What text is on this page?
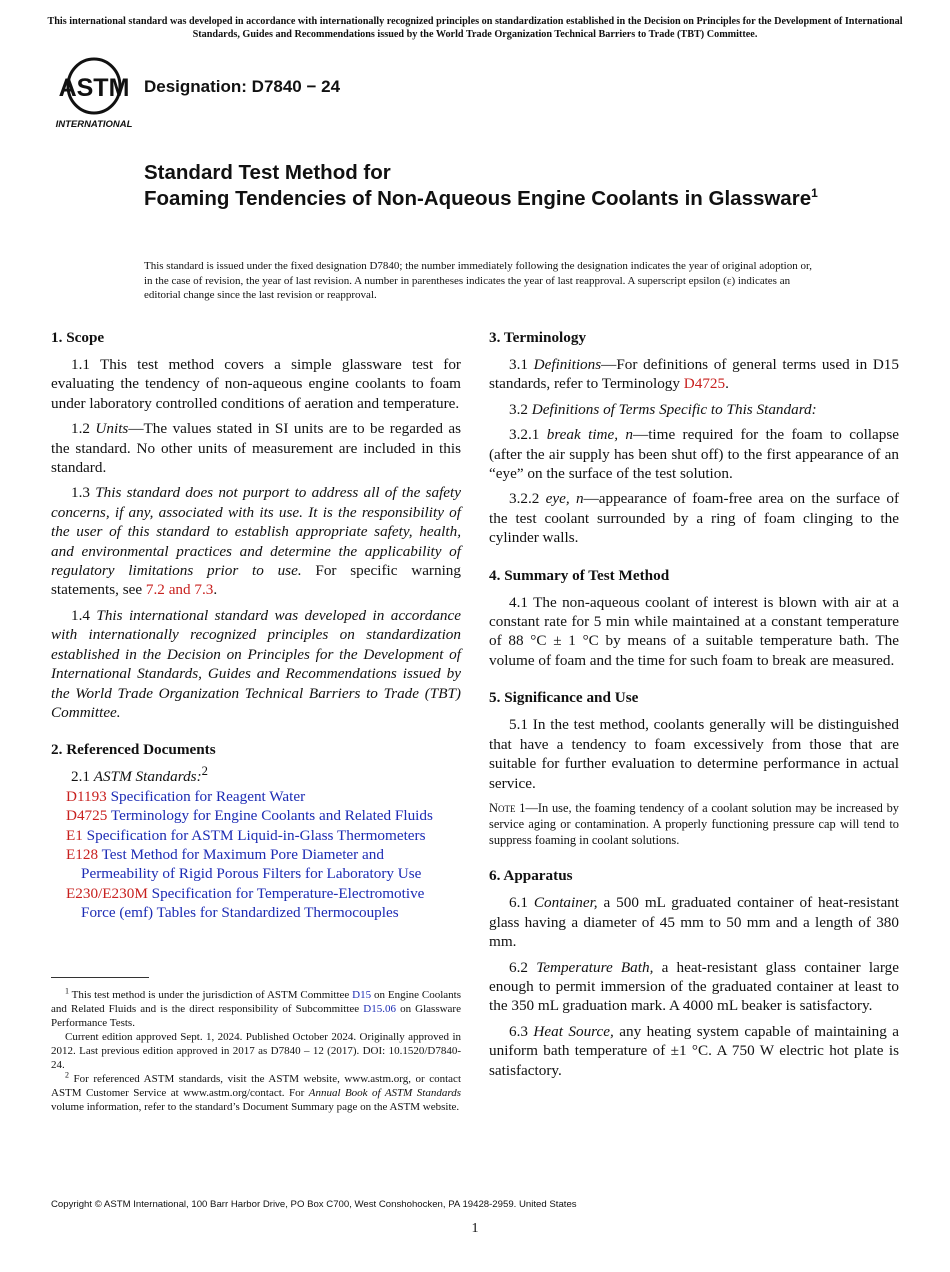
This international standard was developed in accordance with internationally recognized principles on standardization established in the Decision on Principles for the Development of International Standards, Guides and Recommendations issued by the World Trade Organization Technical Barriers to Trade (TBT) Committee.
ASTM
INTERNATIONAL
Designation: D7840 − 24
Standard Test Method for
Foaming Tendencies of Non-Aqueous Engine Coolants in Glassware$^1$
This standard is issued under the fixed designation D7840; the number immediately following the designation indicates the year of original adoption or, in the case of revision, the year of last revision. A number in parentheses indicates the year of last reapproval. A superscript epsilon (ε) indicates an editorial change since the last revision or reapproval.
1. Scope

1.1 This test method covers a simple glassware test for evaluating the tendency of non-aqueous engine coolants to foam under laboratory controlled conditions of aeration and temperature.

1.2 Units—The values stated in SI units are to be regarded as the standard. No other units of measurement are included in this standard.

1.3 This standard does not purport to address all of the safety concerns, if any, associated with its use. It is the responsibility of the user of this standard to establish appropriate safety, health, and environmental practices and determine the applicability of regulatory limitations prior to use. For specific warning statements, see 7.2 and 7.3.

1.4 This international standard was developed in accordance with internationally recognized principles on standardization established in the Decision on Principles for the Development of International Standards, Guides and Recommendations issued by the World Trade Organization Technical Barriers to Trade (TBT) Committee.

2. Referenced Documents

2.1 ASTM Standards:$^2$

D1193 Specification for Reagent Water
D4725 Terminology for Engine Coolants and Related Fluids
E1 Specification for ASTM Liquid-in-Glass Thermometers
E128 Test Method for Maximum Pore Diameter and Permeability of Rigid Porous Filters for Laboratory Use
E230/E230M Specification for Temperature-Electromotive Force (emf) Tables for Standardized Thermocouples

$^1$ This test method is under the jurisdiction of ASTM Committee D15 on Engine Coolants and Related Fluids and is the direct responsibility of Subcommittee D15.06 on Glassware Performance Tests.

Current edition approved Sept. 1, 2024. Published October 2024. Originally approved in 2012. Last previous edition approved in 2017 as D7840 – 12 (2017). DOI: 10.1520/D7840-24.

$^2$ For referenced ASTM standards, visit the ASTM website, www.astm.org, or contact ASTM Customer Service at www.astm.org/contact. For Annual Book of ASTM Standards volume information, refer to the standard’s Document Summary page on the ASTM website.

3. Terminology

3.1 Definitions—For definitions of general terms used in D15 standards, refer to Terminology D4725.

3.2 Definitions of Terms Specific to This Standard:

3.2.1 break time, n—time required for the foam to collapse (after the air supply has been shut off) to the first appearance of an “eye” on the surface of the test solution.

3.2.2 eye, n—appearance of foam-free area on the surface of the test coolant surrounded by a ring of foam clinging to the cylinder walls.

4. Summary of Test Method

4.1 The non-aqueous coolant of interest is blown with air at a constant rate for 5 min while maintained at a constant temperature of 88 °C ± 1 °C by means of a suitable temperature bath. The volume of foam and the time for such foam to break are measured.

5. Significance and Use

5.1 In the test method, coolants generally will be distinguished that have a tendency to foam excessively from those that are suitable for further evaluation to determine performance in actual service.

Note 1—In use, the foaming tendency of a coolant solution may be increased by service aging or contamination. A properly functioning pressure cap will tend to suppress foaming in coolant solutions.

6. Apparatus

6.1 Container, a 500 mL graduated container of heat-resistant glass having a diameter of 45 mm to 50 mm and a length of 380 mm.

6.2 Temperature Bath, a heat-resistant glass container large enough to permit immersion of the graduated container at least to the 350 mL graduation mark. A 4000 mL beaker is satisfactory.

6.3 Heat Source, any heating system capable of maintaining a uniform bath temperature of ±1 °C. A 750 W electric hot plate is satisfactory.

Copyright © ASTM International, 100 Barr Harbor Drive, PO Box C700, West Conshohocken, PA 19428-2959. United States
1
